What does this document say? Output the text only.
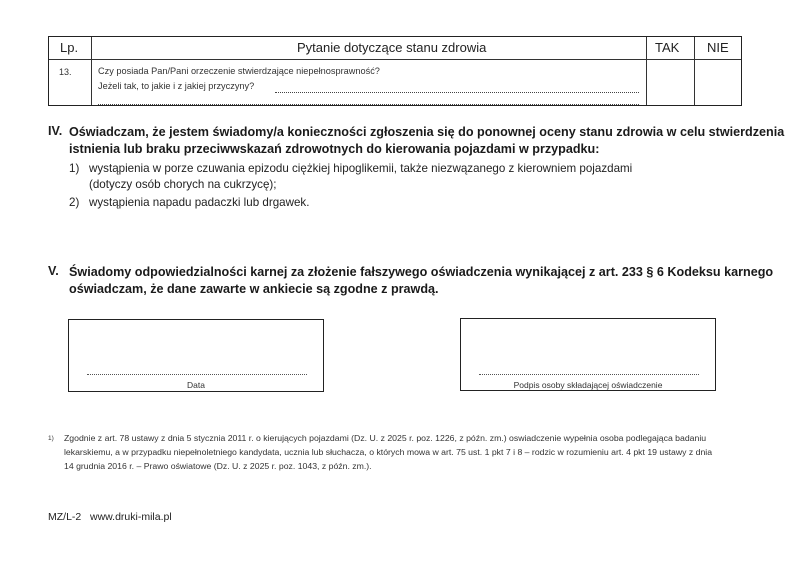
Lp.	Pytanie dotyczące stanu zdrowia	TAK NIE
13.	Czy posiada Pan/Pani orzeczenie stwierdzające niepełnosprawność?
Jeżeli tak, to jakie i z jakiej przyczyny?
IV. Oświadczam, że jestem świadomy/a konieczności zgłoszenia się do ponownej oceny stanu zdrowia w celu stwierdzenia
istnienia lub braku przeciwwskazań zdrowotnych do kierowania pojazdami w przypadku:
1) wystąpienia w porze czuwania epizodu ciężkiej hipoglikemii, także niezwązanego z kierowniem pojazdami
(dotyczy osób chorych na cukrzycę);
2) wystąpienia napadu padaczki lub drgawek.
V. Świadomy odpowiedzialności karnej za złożenie fałszywego oświadczenia wynikającej z art. 233 § 6 Kodeksu karnego
oświadczam, że dane zawarte w ankiecie są zgodne z prawdą.
Data	Podpis osoby składającej oświadczenie
1) Zgodnie z art. 78 ustawy z dnia 5 stycznia 2011 r. o kierujących pojazdami (Dz. U. z 2025 r. poz. 1226, z późn. zm.) oswiadczenie wypełnia osoba podlegająca badaniu
lekarskiemu, a w przypadku niepełnoletniego kandydata, ucznia lub słuchacza, o których mowa w art. 75 ust. 1 pkt 7 i 8 – rodzic w rozumieniu art. 4 pkt 19 ustawy z dnia
14 grudnia 2016 r. – Prawo oświatowe (Dz. U. z 2025 r. poz. 1043, z późn. zm.).
MZ/L-2 www.druki-mila.pl
